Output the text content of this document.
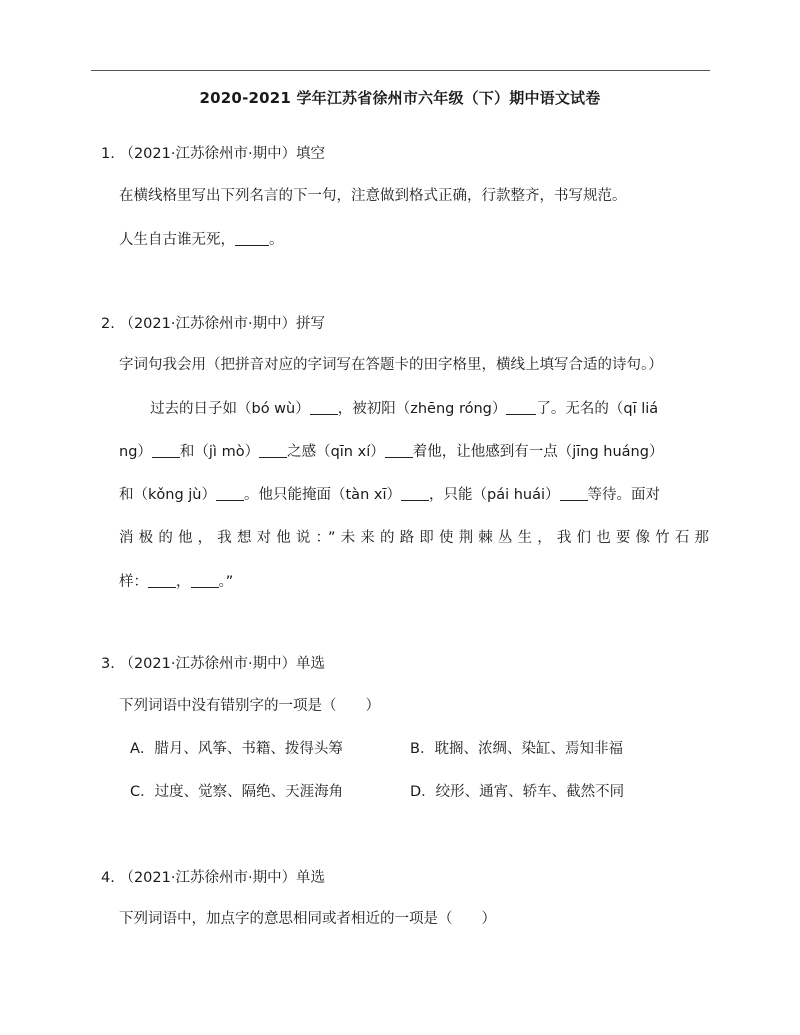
2020-2021 学年江苏省徐州市六年级（下）期中语文试卷
1. （2021·江苏徐州市·期中）填空
在横线格里写出下列名言的下一句，注意做到格式正确，行款整齐，书写规范。
人生自古谁无死， 。
2. （2021·江苏徐州市·期中）拼写
字词句我会用（把拼音对应的字词写在答题卡的田字格里，横线上填写合适的诗句。）
过去的日子如（bó wù） ，被初阳（zhēng róng） 了。无名的（qī liá
ng） 和（jì mò） 之感（qīn xí） 着他，让他感到有一点（jīng huáng）
和（kǒng jù） 。他只能掩面（tàn xī） ，只能（pái huái） 等待。面对
消极的他，我想对他说：”未来的路即使荆棘丛生，我们也要像竹石那
样： ， 。”
3. （2021·江苏徐州市·期中）单选
下列词语中没有错别字的一项是（　　）
A．腊月、风筝、书籍、拨得头筹	B．耽搁、浓绸、染缸、焉知非福
C．过度、觉察、隔绝、天涯海角	D．绞形、通宵、轿车、截然不同
4. （2021·江苏徐州市·期中）单选
下列词语中，加点字的意思相同或者相近的一项是（　　）
